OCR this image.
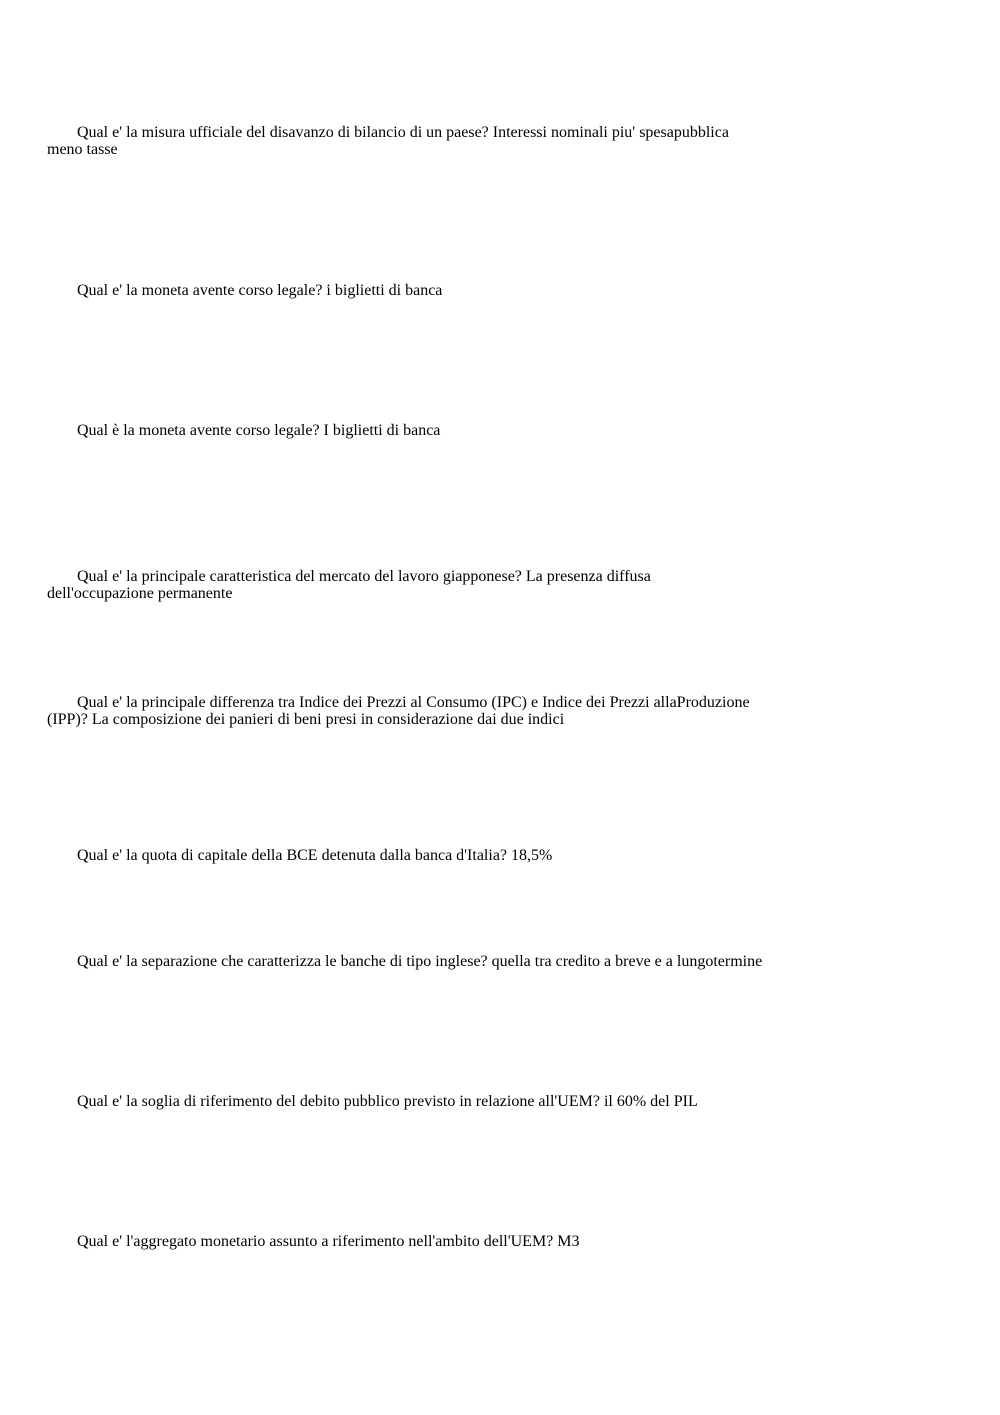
Qual e' la misura ufficiale del disavanzo di bilancio di un paese? Interessi nominali piu' spesapubblica
meno tasse

Qual e' la moneta avente corso legale? i biglietti di banca

Qual è la moneta avente corso legale? I biglietti di banca

Qual e' la principale caratteristica del mercato del lavoro giapponese? La presenza diffusa
dell'occupazione permanente

Qual e' la principale differenza tra Indice dei Prezzi al Consumo (IPC) e Indice dei Prezzi allaProduzione
(IPP)? La composizione dei panieri di beni presi in considerazione dai due indici

Qual e' la quota di capitale della BCE detenuta dalla banca d'Italia? 18,5%

Qual e' la separazione che caratterizza le banche di tipo inglese? quella tra credito a breve e a lungotermine

Qual e' la soglia di riferimento del debito pubblico previsto in relazione all'UEM? il 60% del PIL

Qual e' l'aggregato monetario assunto a riferimento nell'ambito dell'UEM? M3
